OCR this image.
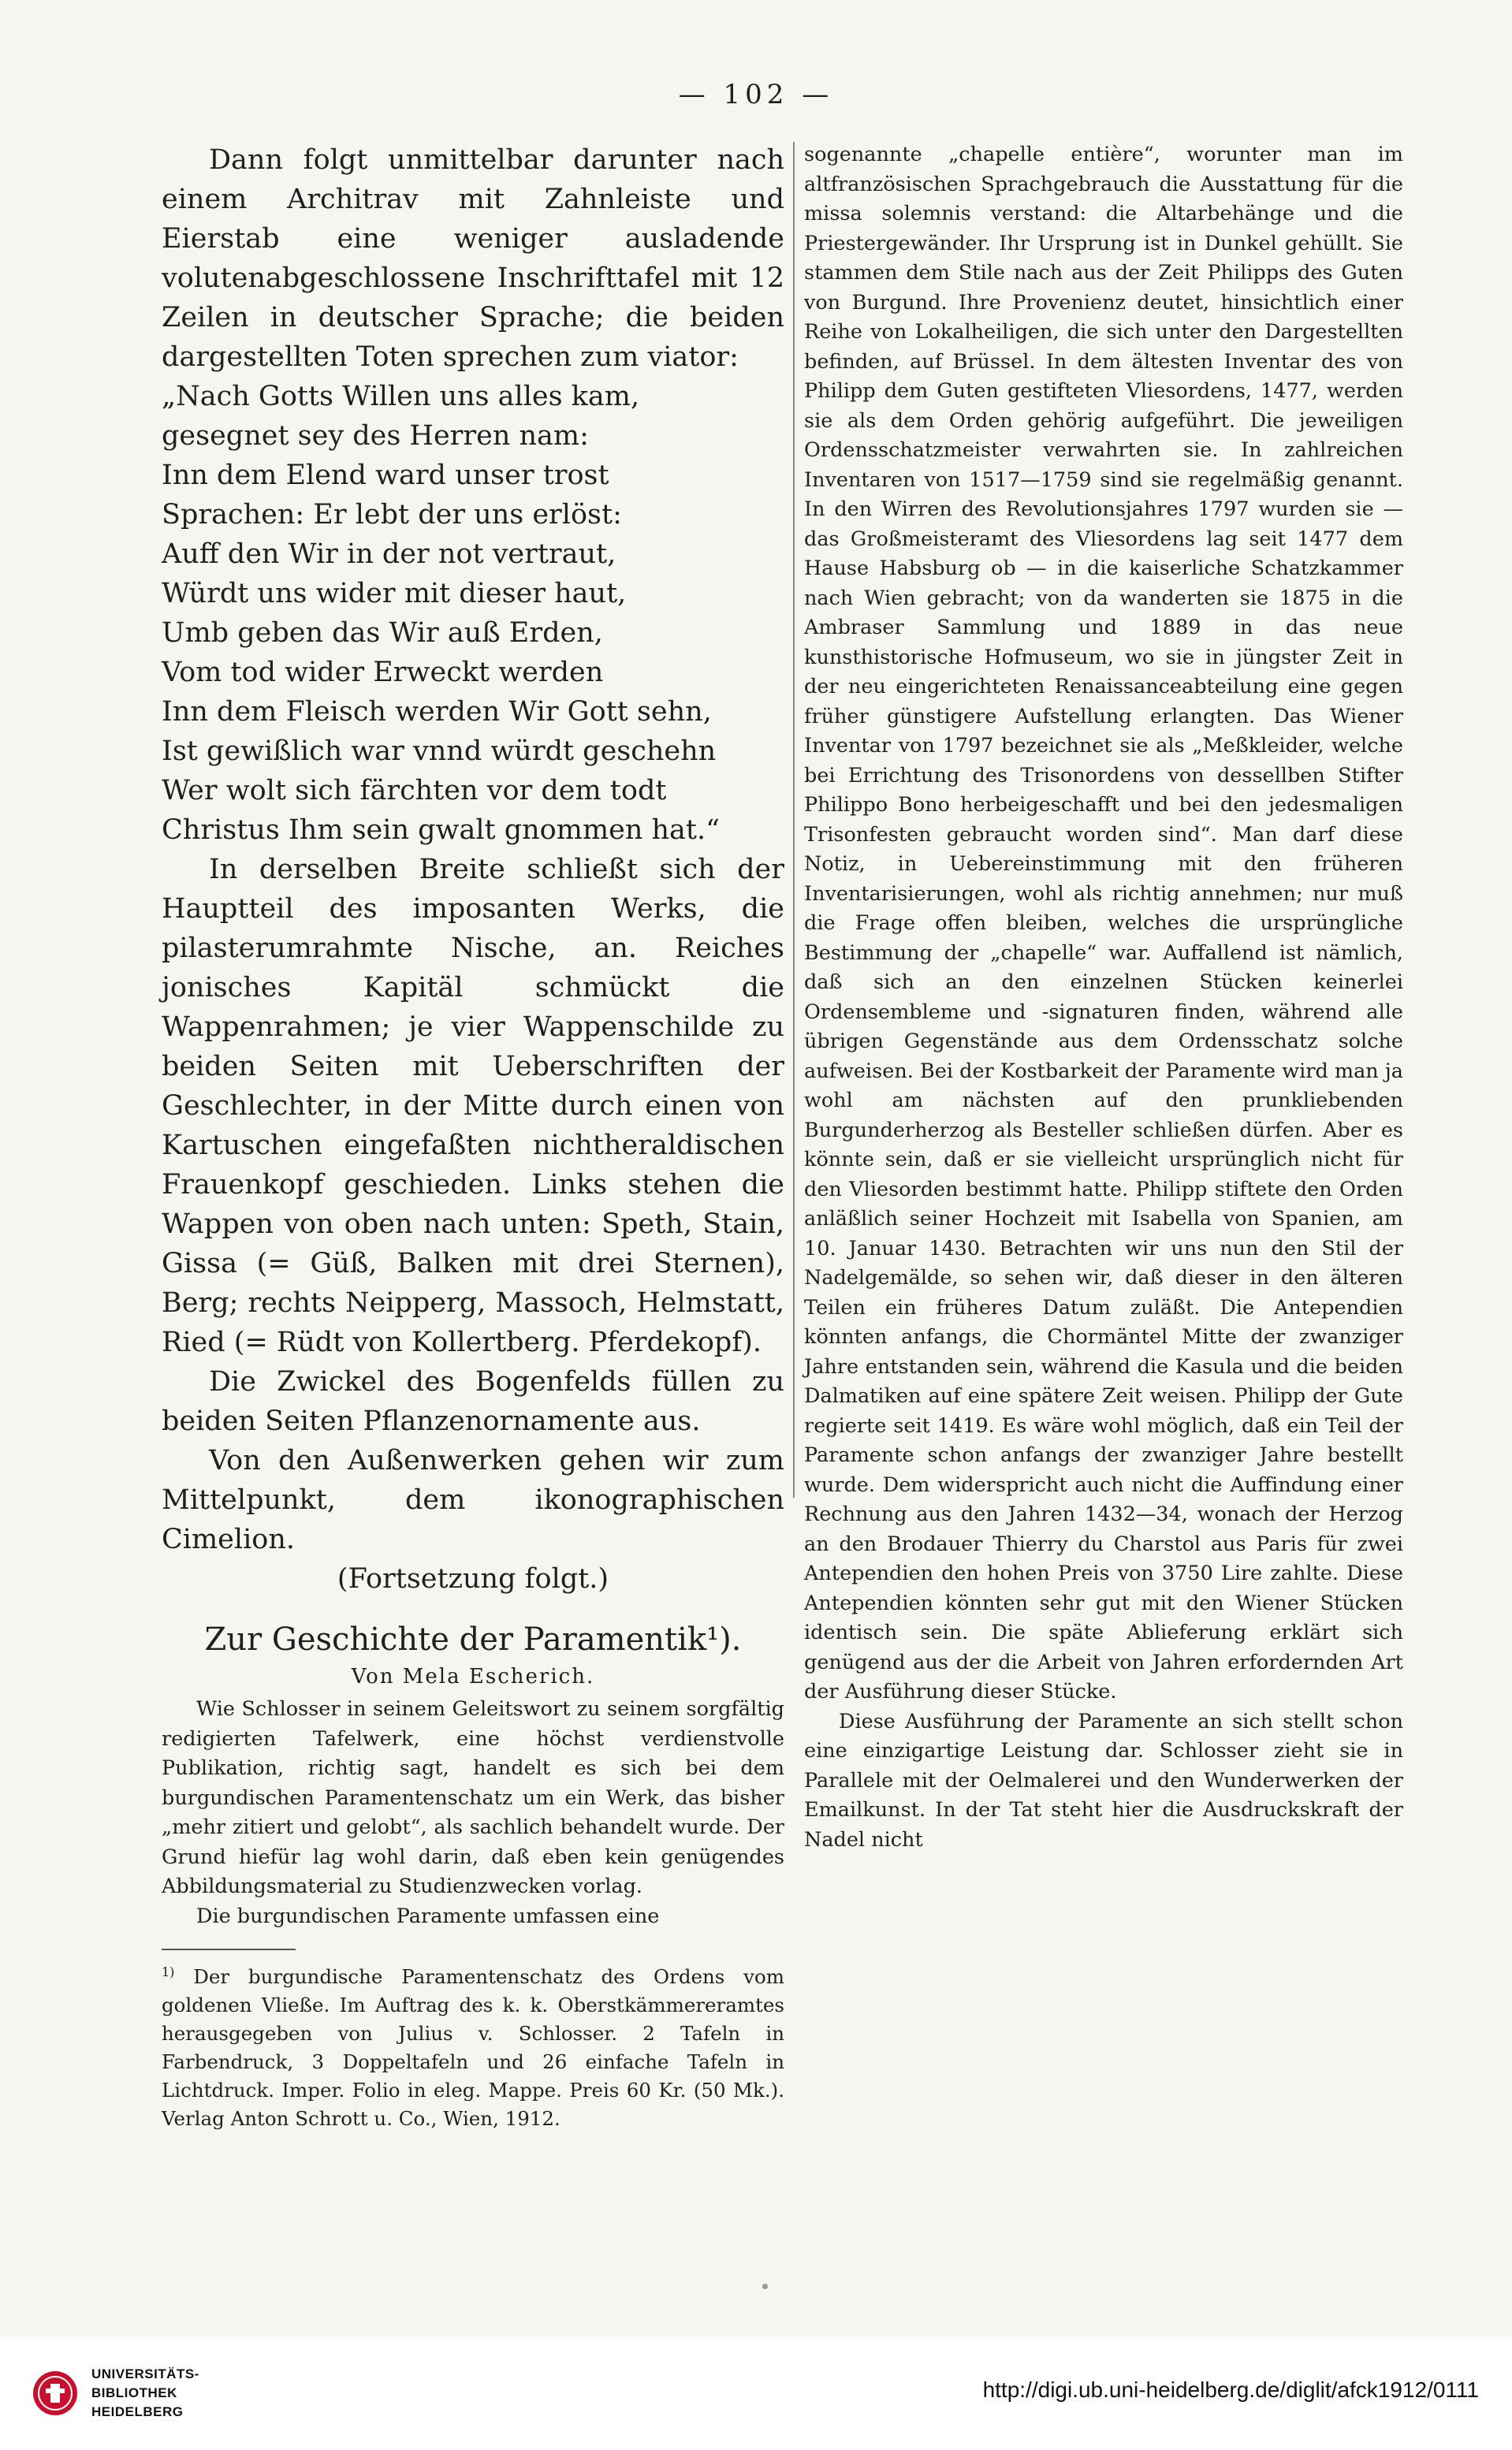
— 102 —

Dann folgt unmittelbar darunter nach einem Architrav mit Zahnleiste und Eierstab eine weniger ausladende volutenabgeschlossene Inschrifttafel mit 12 Zeilen in deutscher Sprache; die beiden dargestellten Toten sprechen zum viator:

„Nach Gotts Willen uns alles kam,
gesegnet sey des Herren nam:
Inn dem Elend ward unser trost
Sprachen: Er lebt der uns erlöst:
Auff den Wir in der not vertraut,
Würdt uns wider mit dieser haut,
Umb geben das Wir auß Erden,
Vom tod wider Erweckt werden
Inn dem Fleisch werden Wir Gott sehn,
Ist gewißlich war vnnd würdt geschehn
Wer wolt sich färchten vor dem todt
Christus Ihm sein gwalt gnommen hat.“

In derselben Breite schließt sich der Hauptteil des imposanten Werks, die pilasterumrahmte Nische, an. Reiches jonisches Kapitäl schmückt die Wappenrahmen; je vier Wappenschilde zu beiden Seiten mit Ueberschriften der Geschlechter, in der Mitte durch einen von Kartuschen eingefaßten nichtheraldischen Frauenkopf geschieden. Links stehen die Wappen von oben nach unten: Speth, Stain, Gissa (= Güß, Balken mit drei Sternen), Berg; rechts Neipperg, Massoch, Helmstatt, Ried (= Rüdt von Kollertberg. Pferdekopf).

Die Zwickel des Bogenfelds füllen zu beiden Seiten Pflanzenornamente aus.

Von den Außenwerken gehen wir zum Mittelpunkt, dem ikonographischen Cimelion.

(Fortsetzung folgt.)

Zur Geschichte der Paramentik¹).
Von Mela Escherich.

Wie Schlosser in seinem Geleitswort zu seinem sorgfältig redigierten Tafelwerk, eine höchst verdienstvolle Publikation, richtig sagt, handelt es sich bei dem burgundischen Paramentenschatz um ein Werk, das bisher „mehr zitiert und gelobt“, als sachlich behandelt wurde. Der Grund hiefür lag wohl darin, daß eben kein genügendes Abbildungsmaterial zu Studienzwecken vorlag.

Die burgundischen Paramente umfassen eine

$^{1)}$ Der burgundische Paramentenschatz des Ordens vom goldenen Vließe. Im Auftrag des k. k. Oberstkämmereramtes herausgegeben von Julius v. Schlosser. 2 Tafeln in Farbendruck, 3 Doppeltafeln und 26 einfache Tafeln in Lichtdruck. Imper. Folio in eleg. Mappe. Preis 60 Kr. (50 Mk.). Verlag Anton Schrott u. Co., Wien, 1912.

sogenannte „chapelle entière“, worunter man im altfranzösischen Sprachgebrauch die Ausstattung für die missa solemnis verstand: die Altarbehänge und die Priestergewänder. Ihr Ursprung ist in Dunkel gehüllt. Sie stammen dem Stile nach aus der Zeit Philipps des Guten von Burgund. Ihre Provenienz deutet, hinsichtlich einer Reihe von Lokalheiligen, die sich unter den Dargestellten befinden, auf Brüssel. In dem ältesten Inventar des von Philipp dem Guten gestifteten Vliesordens, 1477, werden sie als dem Orden gehörig aufgeführt. Die jeweiligen Ordensschatzmeister verwahrten sie. In zahlreichen Inventaren von 1517—1759 sind sie regelmäßig genannt. In den Wirren des Revolutionsjahres 1797 wurden sie — das Großmeisteramt des Vliesordens lag seit 1477 dem Hause Habsburg ob — in die kaiserliche Schatzkammer nach Wien gebracht; von da wanderten sie 1875 in die Ambraser Sammlung und 1889 in das neue kunsthistorische Hofmuseum, wo sie in jüngster Zeit in der neu eingerichteten Renaissanceabteilung eine gegen früher günstigere Aufstellung erlangten. Das Wiener Inventar von 1797 bezeichnet sie als „Meßkleider, welche bei Errichtung des Trisonordens von dessellben Stifter Philippo Bono herbeigeschafft und bei den jedesmaligen Trisonfesten gebraucht worden sind“. Man darf diese Notiz, in Uebereinstimmung mit den früheren Inventarisierungen, wohl als richtig annehmen; nur muß die Frage offen bleiben, welches die ursprüngliche Bestimmung der „chapelle“ war. Auffallend ist nämlich, daß sich an den einzelnen Stücken keinerlei Ordensembleme und -signaturen finden, während alle übrigen Gegenstände aus dem Ordensschatz solche aufweisen. Bei der Kostbarkeit der Paramente wird man ja wohl am nächsten auf den prunkliebenden Burgunderherzog als Besteller schließen dürfen. Aber es könnte sein, daß er sie vielleicht ursprünglich nicht für den Vliesorden bestimmt hatte. Philipp stiftete den Orden anläßlich seiner Hochzeit mit Isabella von Spanien, am 10. Januar 1430. Betrachten wir uns nun den Stil der Nadelgemälde, so sehen wir, daß dieser in den älteren Teilen ein früheres Datum zuläßt. Die Antependien könnten anfangs, die Chormäntel Mitte der zwanziger Jahre entstanden sein, während die Kasula und die beiden Dalmatiken auf eine spätere Zeit weisen. Philipp der Gute regierte seit 1419. Es wäre wohl möglich, daß ein Teil der Paramente schon anfangs der zwanziger Jahre bestellt wurde. Dem widerspricht auch nicht die Auffindung einer Rechnung aus den Jahren 1432—34, wonach der Herzog an den Brodauer Thierry du Charstol aus Paris für zwei Antependien den hohen Preis von 3750 Lire zahlte. Diese Antependien könnten sehr gut mit den Wiener Stücken identisch sein. Die späte Ablieferung erklärt sich genügend aus der die Arbeit von Jahren erfordernden Art der Ausführung dieser Stücke.

Diese Ausführung der Paramente an sich stellt schon eine einzigartige Leistung dar. Schlosser zieht sie in Parallele mit der Oelmalerei und den Wunderwerken der Emailkunst. In der Tat steht hier die Ausdruckskraft der Nadel nicht

UNIVERSITÄTS-
BIBLIOTHEK
HEIDELBERG
http://digi.ub.uni-heidelberg.de/diglit/afck1912/0111
